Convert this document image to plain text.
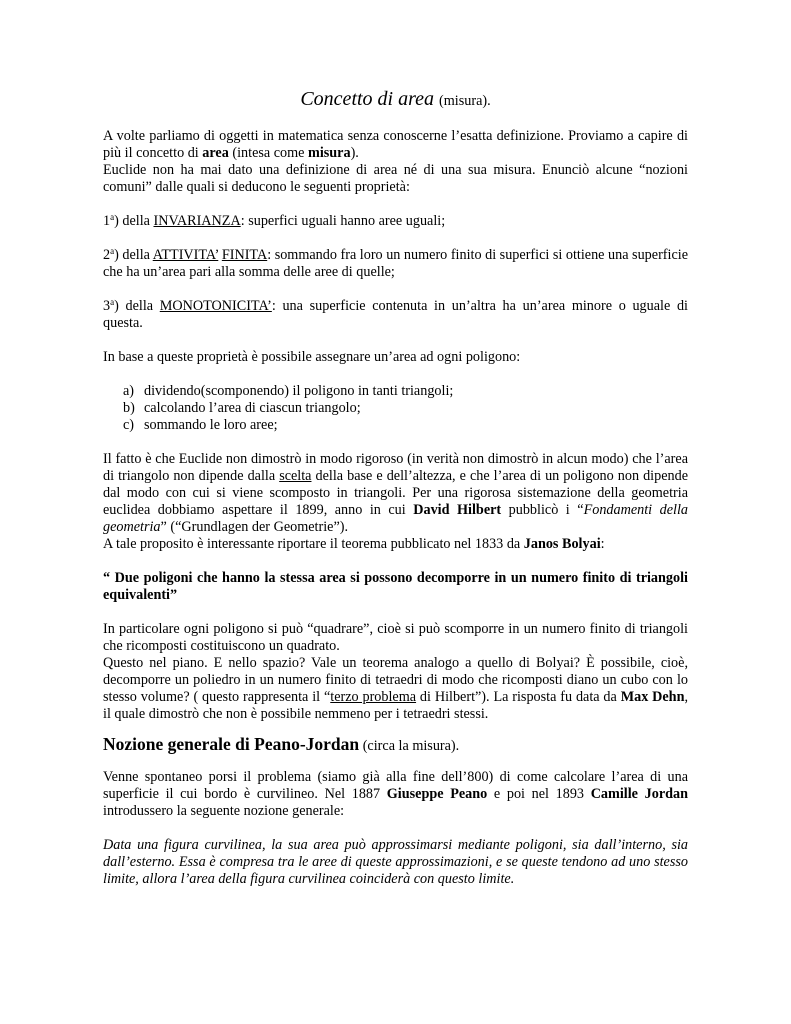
Concetto di area (misura).

A volte parliamo di oggetti in matematica senza conoscerne l’esatta definizione. Proviamo a capire di più il concetto di area (intesa come misura).

Euclide non ha mai dato una definizione di area né di una sua misura. Enunciò alcune “nozioni comuni” dalle quali si deducono le seguenti proprietà:

1$^a$) della INVARIANZA: superfici uguali hanno aree uguali;

2$^a$) della ATTIVITA’ FINITA: sommando fra loro un numero finito di superfici si ottiene una superficie che ha un’area pari alla somma delle aree di quelle;

3$^a$) della MONOTONICITA’: una superficie contenuta in un’altra ha un’area minore o uguale di questa.

In base a queste proprietà è possibile assegnare un’area ad ogni poligono:

a) dividendo(scomponendo) il poligono in tanti triangoli;
b) calcolando l’area di ciascun triangolo;
c) sommando le loro aree;

Il fatto è che Euclide non dimostrò in modo rigoroso (in verità non dimostrò in alcun modo) che l’area di triangolo non dipende dalla scelta della base e dell’altezza, e che l’area di un poligono non dipende dal modo con cui si viene scomposto in triangoli. Per una rigorosa sistemazione della geometria euclidea dobbiamo aspettare il 1899, anno in cui David Hilbert pubblicò i “Fondamenti della geometria” (“Grundlagen der Geometrie”).

A tale proposito è interessante riportare il teorema pubblicato nel 1833 da Janos Bolyai:

“ Due poligoni che hanno la stessa area si possono decomporre in un numero finito di triangoli equivalenti”

In particolare ogni poligono si può “quadrare”, cioè si può scomporre in un numero finito di triangoli che ricomposti costituiscono un quadrato.

Questo nel piano. E nello spazio? Vale un teorema analogo a quello di Bolyai? È possibile, cioè, decomporre un poliedro in un numero finito di tetraedri di modo che ricomposti diano un cubo con lo stesso volume? ( questo rappresenta il “terzo problema di Hilbert”). La risposta fu data da Max Dehn, il quale dimostrò che non è possibile nemmeno per i tetraedri stessi.

Nozione generale di Peano-Jordan (circa la misura).

Venne spontaneo porsi il problema (siamo già alla fine dell’800) di come calcolare l’area di una superficie il cui bordo è curvilineo. Nel 1887 Giuseppe Peano e poi nel 1893 Camille Jordan introdussero la seguente nozione generale:

Data una figura curvilinea, la sua area può approssimarsi mediante poligoni, sia dall’interno, sia dall’esterno. Essa è compresa tra le aree di queste approssimazioni, e se queste tendono ad uno stesso limite, allora l’area della figura curvilinea coinciderà con questo limite.
